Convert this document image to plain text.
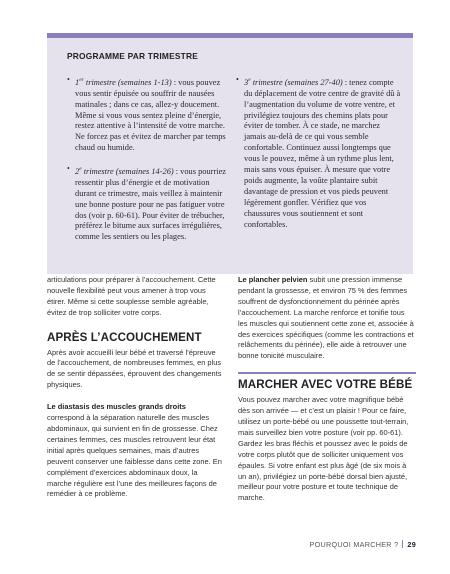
PROGRAMME PAR TRIMESTRE
• 1er trimestre (semaines 1-13) : vous pouvez vous sentir épuisée ou souffrir de nausées matinales ; dans ce cas, allez-y doucement. Même si vous vous sentez pleine d’énergie, restez attentive à l’intensité de votre marche. Ne forcez pas et évitez de marcher par temps chaud ou humide.
• 2e trimestre (semaines 14-26) : vous pourriez ressentir plus d’énergie et de motivation durant ce trimestre, mais veillez à maintenir une bonne posture pour ne pas fatiguer votre dos (voir p. 60-61). Pour éviter de trébucher, préférez le bitume aux surfaces irrégulières, comme les sentiers ou les plages.
• 3e trimestre (semaines 27-40) : tenez compte du déplacement de votre centre de gravité dû à l’augmentation du volume de votre ventre, et privilégiez toujours des chemins plats pour éviter de tomber. À ce stade, ne marchez jamais au-delà de ce qui vous semble confortable. Continuez aussi longtemps que vous le pouvez, même à un rythme plus lent, mais sans vous épuiser. À mesure que votre poids augmente, la voûte plantaire subit davantage de pression et vos pieds peuvent légèrement gonfler. Vérifiez que vos chaussures vous soutiennent et sont confortables.

articulations pour préparer à l’accouchement. Cette nouvelle flexibilité peut vous amener à trop vous étirer. Même si cette souplesse semble agréable, évitez de trop solliciter votre corps.

APRÈS L’ACCOUCHEMENT

Après avoir accueilli leur bébé et traversé l’épreuve de l’accouchement, de nombreuses femmes, en plus de se sentir dépassées, éprouvent des changements physiques.

Le diastasis des muscles grands droits correspond à la séparation naturelle des muscles abdominaux, qui survient en fin de grossesse. Chez certaines femmes, ces muscles retrouvent leur état initial après quelques semaines, mais d’autres peuvent conserver une faiblesse dans cette zone. En complément d’exercices abdominaux doux, la marche régulière est l’une des meilleures façons de remédier à ce problème.

Le plancher pelvien subit une pression immense pendant la grossesse, et environ 75 % des femmes souffrent de dysfonctionnement du périnée après l’accouchement. La marche renforce et tonifie tous les muscles qui soutiennent cette zone et, associée à des exercices spécifiques (comme les contractions et relâchements du périnée), elle aide à retrouver une bonne tonicité musculaire.

MARCHER AVEC VOTRE BÉBÉ

Vous pouvez marcher avec votre magnifique bébé dès son arrivée — et c’est un plaisir ! Pour ce faire, utilisez un porte-bébé ou une poussette tout-terrain, mais surveillez bien votre posture (voir pp. 60-61). Gardez les bras fléchis et poussez avec le poids de votre corps plutôt que de solliciter uniquement vos épaules. Si votre enfant est plus âgé (de six mois à un an), privilégiez un porte-bébé dorsal bien ajusté, meilleur pour votre posture et toute technique de marche.

POURQUOI MARCHER ? 29
